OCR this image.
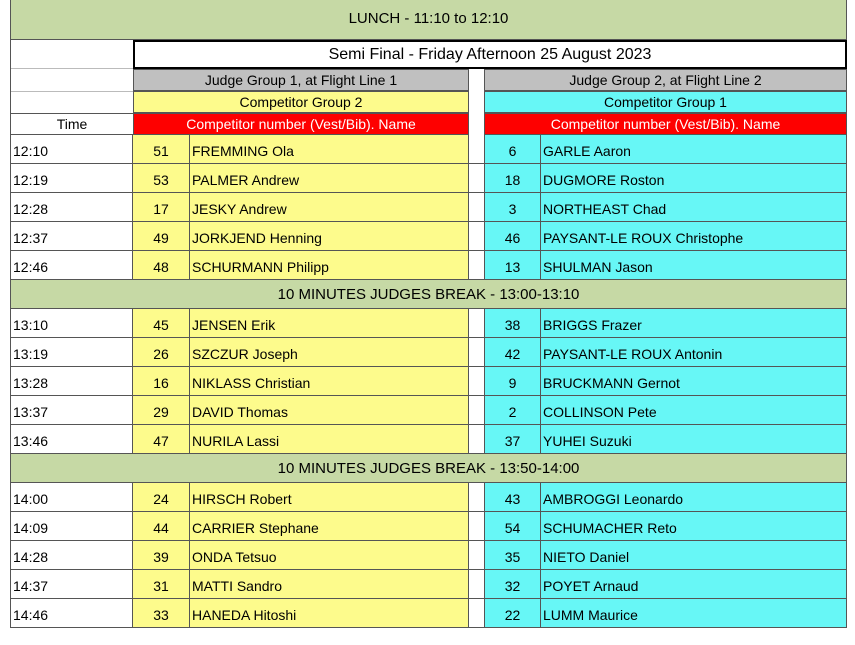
LUNCH - 11:10 to 12:10
Semi Final - Friday Afternoon 25 August 2023
Judge Group 1, at Flight Line 1	Judge Group 2, at Flight Line 2
Competitor Group 2	Competitor Group 1
Time	Competitor number (Vest/Bib). Name	Competitor number (Vest/Bib). Name
12:10	51	FREMMING Ola	6	GARLE Aaron
12:19	53	PALMER Andrew	18	DUGMORE Roston
12:28	17	JESKY Andrew	3	NORTHEAST Chad
12:37	49	JORKJEND Henning	46	PAYSANT-LE ROUX Christophe
12:46	48	SCHURMANN Philipp	13	SHULMAN Jason
10 MINUTES JUDGES BREAK - 13:00-13:10
13:10	45	JENSEN Erik	38	BRIGGS Frazer
13:19	26	SZCZUR Joseph	42	PAYSANT-LE ROUX Antonin
13:28	16	NIKLASS Christian	9	BRUCKMANN Gernot
13:37	29	DAVID Thomas	2	COLLINSON Pete
13:46	47	NURILA Lassi	37	YUHEI Suzuki
10 MINUTES JUDGES BREAK - 13:50-14:00
14:00	24	HIRSCH Robert	43	AMBROGGI Leonardo
14:09	44	CARRIER Stephane	54	SCHUMACHER Reto
14:28	39	ONDA Tetsuo	35	NIETO Daniel
14:37	31	MATTI Sandro	32	POYET Arnaud
14:46	33	HANEDA Hitoshi	22	LUMM Maurice
